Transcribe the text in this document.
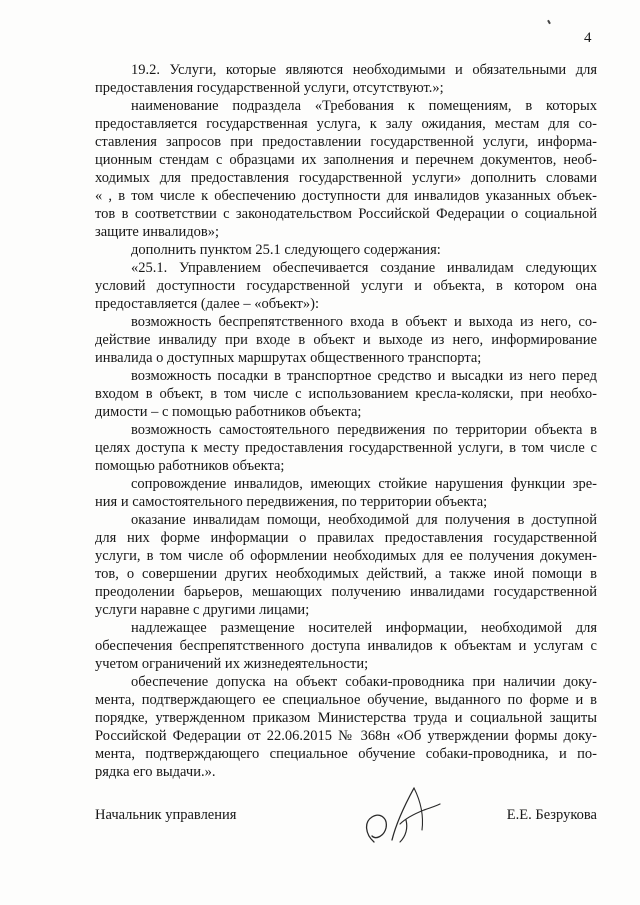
4
19.2. Услуги, которые являются необходимыми и обязательными для
предоставления государственной услуги, отсутствуют.»;
наименование подраздела «Требования к помещениям, в которых
предоставляется государственная услуга, к залу ожидания, местам для со-
ставления запросов при предоставлении государственной услуги, информа-
ционным стендам с образцами их заполнения и перечнем документов, необ-
ходимых для предоставления государственной услуги» дополнить словами
« , в том числе к обеспечению доступности для инвалидов указанных объек-
тов в соответствии с законодательством Российской Федерации о социальной
защите инвалидов»;
дополнить пунктом 25.1 следующего содержания:
«25.1. Управлением обеспечивается создание инвалидам следующих
условий доступности государственной услуги и объекта, в котором она
предоставляется (далее – «объект»):
возможность беспрепятственного входа в объект и выхода из него, со-
действие инвалиду при входе в объект и выходе из него, информирование
инвалида о доступных маршрутах общественного транспорта;
возможность посадки в транспортное средство и высадки из него перед
входом в объект, в том числе с использованием кресла-коляски, при необхо-
димости – с помощью работников объекта;
возможность самостоятельного передвижения по территории объекта в
целях доступа к месту предоставления государственной услуги, в том числе с
помощью работников объекта;
сопровождение инвалидов, имеющих стойкие нарушения функции зре-
ния и самостоятельного передвижения, по территории объекта;
оказание инвалидам помощи, необходимой для получения в доступной
для них форме информации о правилах предоставления государственной
услуги, в том числе об оформлении необходимых для ее получения докумен-
тов, о совершении других необходимых действий, а также иной помощи в
преодолении барьеров, мешающих получению инвалидами государственной
услуги наравне с другими лицами;
надлежащее размещение носителей информации, необходимой для
обеспечения беспрепятственного доступа инвалидов к объектам и услугам с
учетом ограничений их жизнедеятельности;
обеспечение допуска на объект собаки-проводника при наличии доку-
мента, подтверждающего ее специальное обучение, выданного по форме и в
порядке, утвержденном приказом Министерства труда и социальной защиты
Российской Федерации от 22.06.2015 № 368н «Об утверждении формы доку-
мента, подтверждающего специальное обучение собаки-проводника, и по-
рядка его выдачи.».
Начальник управления	Е.Е. Безрукова
